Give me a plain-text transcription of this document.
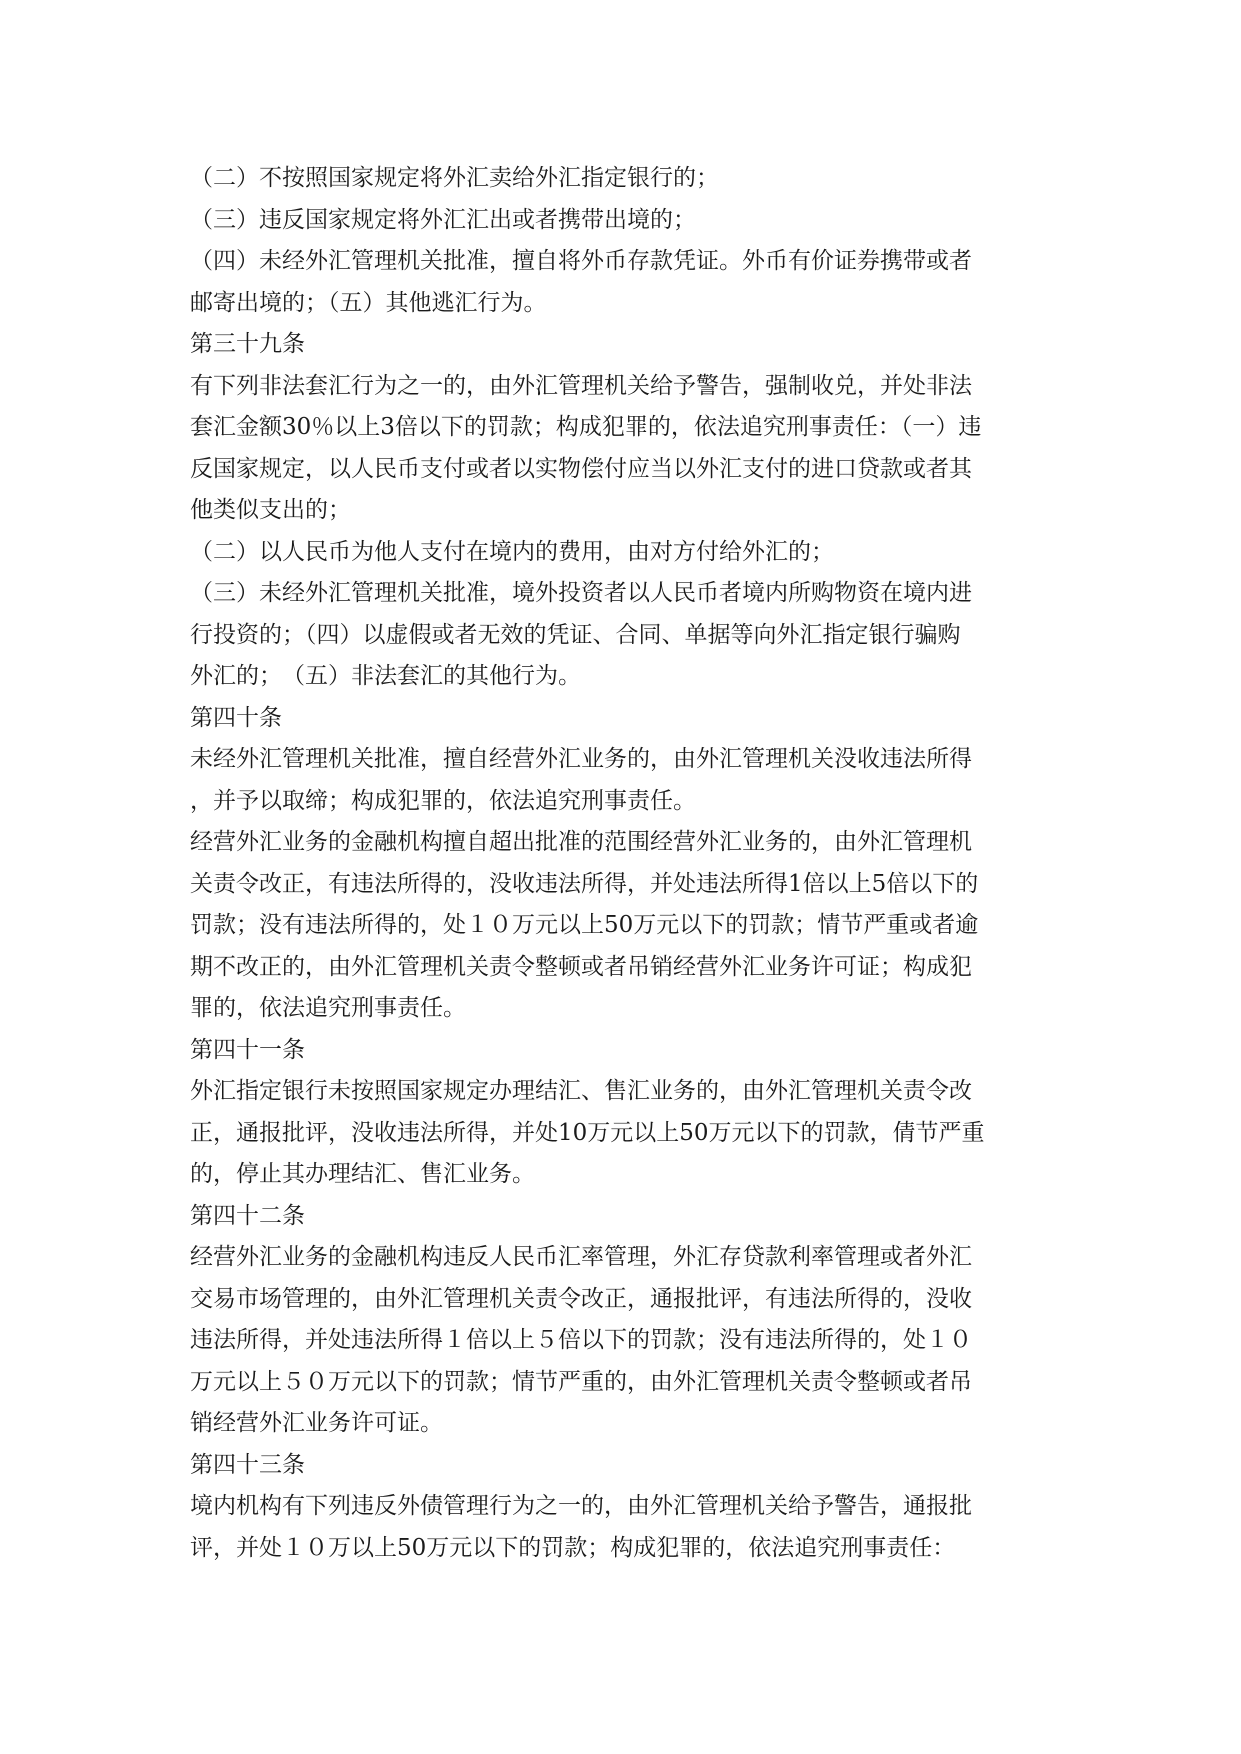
（二）不按照国家规定将外汇卖给外汇指定银行的；
（三）违反国家规定将外汇汇出或者携带出境的；
（四）未经外汇管理机关批准，擅自将外币存款凭证。外币有价证券携带或者
邮寄出境的；（五）其他逃汇行为。
第三十九条
有下列非法套汇行为之一的，由外汇管理机关给予警告，强制收兑，并处非法
套汇金额30％以上3倍以下的罚款；构成犯罪的，依法追究刑事责任：（一）违
反国家规定，以人民币支付或者以实物偿付应当以外汇支付的进口贷款或者其
他类似支出的；
（二）以人民币为他人支付在境内的费用，由对方付给外汇的；
（三）未经外汇管理机关批准，境外投资者以人民币者境内所购物资在境内进
行投资的；（四）以虚假或者无效的凭证、合同、单据等向外汇指定银行骗购
外汇的；　（五）非法套汇的其他行为。
第四十条
未经外汇管理机关批准，擅自经营外汇业务的，由外汇管理机关没收违法所得
，并予以取缔；构成犯罪的，依法追究刑事责任。
经营外汇业务的金融机构擅自超出批准的范围经营外汇业务的，由外汇管理机
关责令改正，有违法所得的，没收违法所得，并处违法所得1倍以上5倍以下的
罚款；没有违法所得的，处１０万元以上50万元以下的罚款；情节严重或者逾
期不改正的，由外汇管理机关责令整顿或者吊销经营外汇业务许可证；构成犯
罪的，依法追究刑事责任。
第四十一条
外汇指定银行未按照国家规定办理结汇、售汇业务的，由外汇管理机关责令改
正，通报批评，没收违法所得，并处10万元以上50万元以下的罚款，倩节严重
的，停止其办理结汇、售汇业务。
第四十二条
经营外汇业务的金融机构违反人民币汇率管理，外汇存贷款利率管理或者外汇
交易市场管理的，由外汇管理机关责令改正，通报批评，有违法所得的，没收
违法所得，并处违法所得１倍以上５倍以下的罚款；没有违法所得的，处１０
万元以上５０万元以下的罚款；情节严重的，由外汇管理机关责令整顿或者吊
销经营外汇业务许可证。
第四十三条
境内机构有下列违反外债管理行为之一的，由外汇管理机关给予警告，通报批
评，并处１０万以上50万元以下的罚款；构成犯罪的，依法追究刑事责任：
